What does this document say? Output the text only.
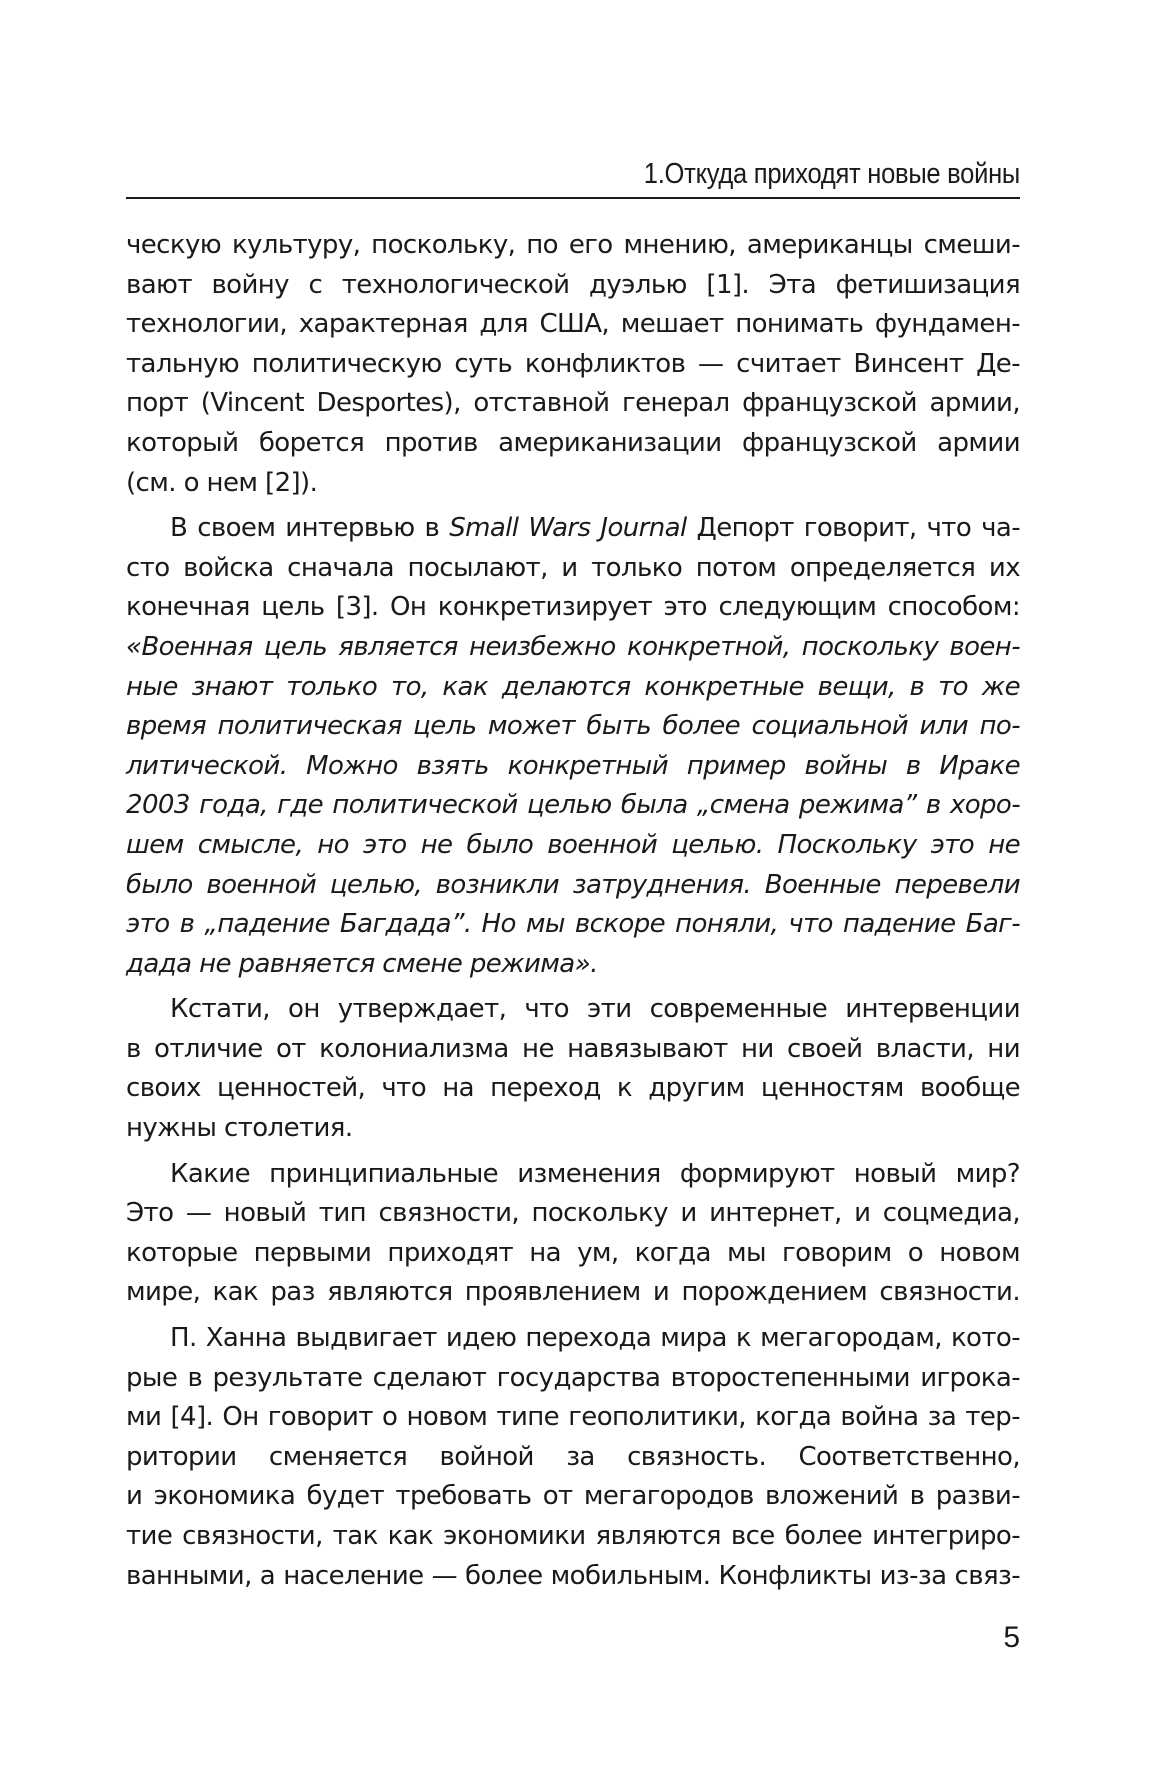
1.Откуда приходят новые войны

ческую культуру, поскольку, по его мнению, американцы смеши-

вают войну с технологической дуэлью [1]. Эта фетишизация

технологии, характерная для США, мешает понимать фундамен-

тальную политическую суть конфликтов — считает Винсент Де-

порт (Vincent Desportes), отставной генерал французской армии,

который борется против американизации французской армии

(см. о нем [2]).

В своем интервью в Small Wars Journal Депорт говорит, что ча-

сто войска сначала посылают, и только потом определяется их

конечная цель [3]. Он конкретизирует это следующим способом:

«Военная цель является неизбежно конкретной, поскольку воен-

ные знают только то, как делаются конкретные вещи, в то же

время политическая цель может быть более социальной или по-

литической. Можно взять конкретный пример войны в Ираке

2003 года, где политической целью была „смена режима” в хоро-

шем смысле, но это не было военной целью. Поскольку это не

было военной целью, возникли затруднения. Военные перевели

это в „падение Багдада”. Но мы вскоре поняли, что падение Баг-

дада не равняется смене режима».

Кстати, он утверждает, что эти современные интервенции

в отличие от колониализма не навязывают ни своей власти, ни

своих ценностей, что на переход к другим ценностям вообще

нужны столетия.

Какие принципиальные изменения формируют новый мир?

Это — новый тип связности, поскольку и интернет, и соцмедиа,

которые первыми приходят на ум, когда мы говорим о новом

мире, как раз являются проявлением и порождением связности.

П. Ханна выдвигает идею перехода мира к мегагородам, кото-

рые в результате сделают государства второстепенными игрока-

ми [4]. Он говорит о новом типе геополитики, когда война за тер-

ритории сменяется войной за связность. Соответственно,

и экономика будет требовать от мегагородов вложений в разви-

тие связности, так как экономики являются все более интегриро-

ванными, а население — более мобильным. Конфликты из-за связ-

5
